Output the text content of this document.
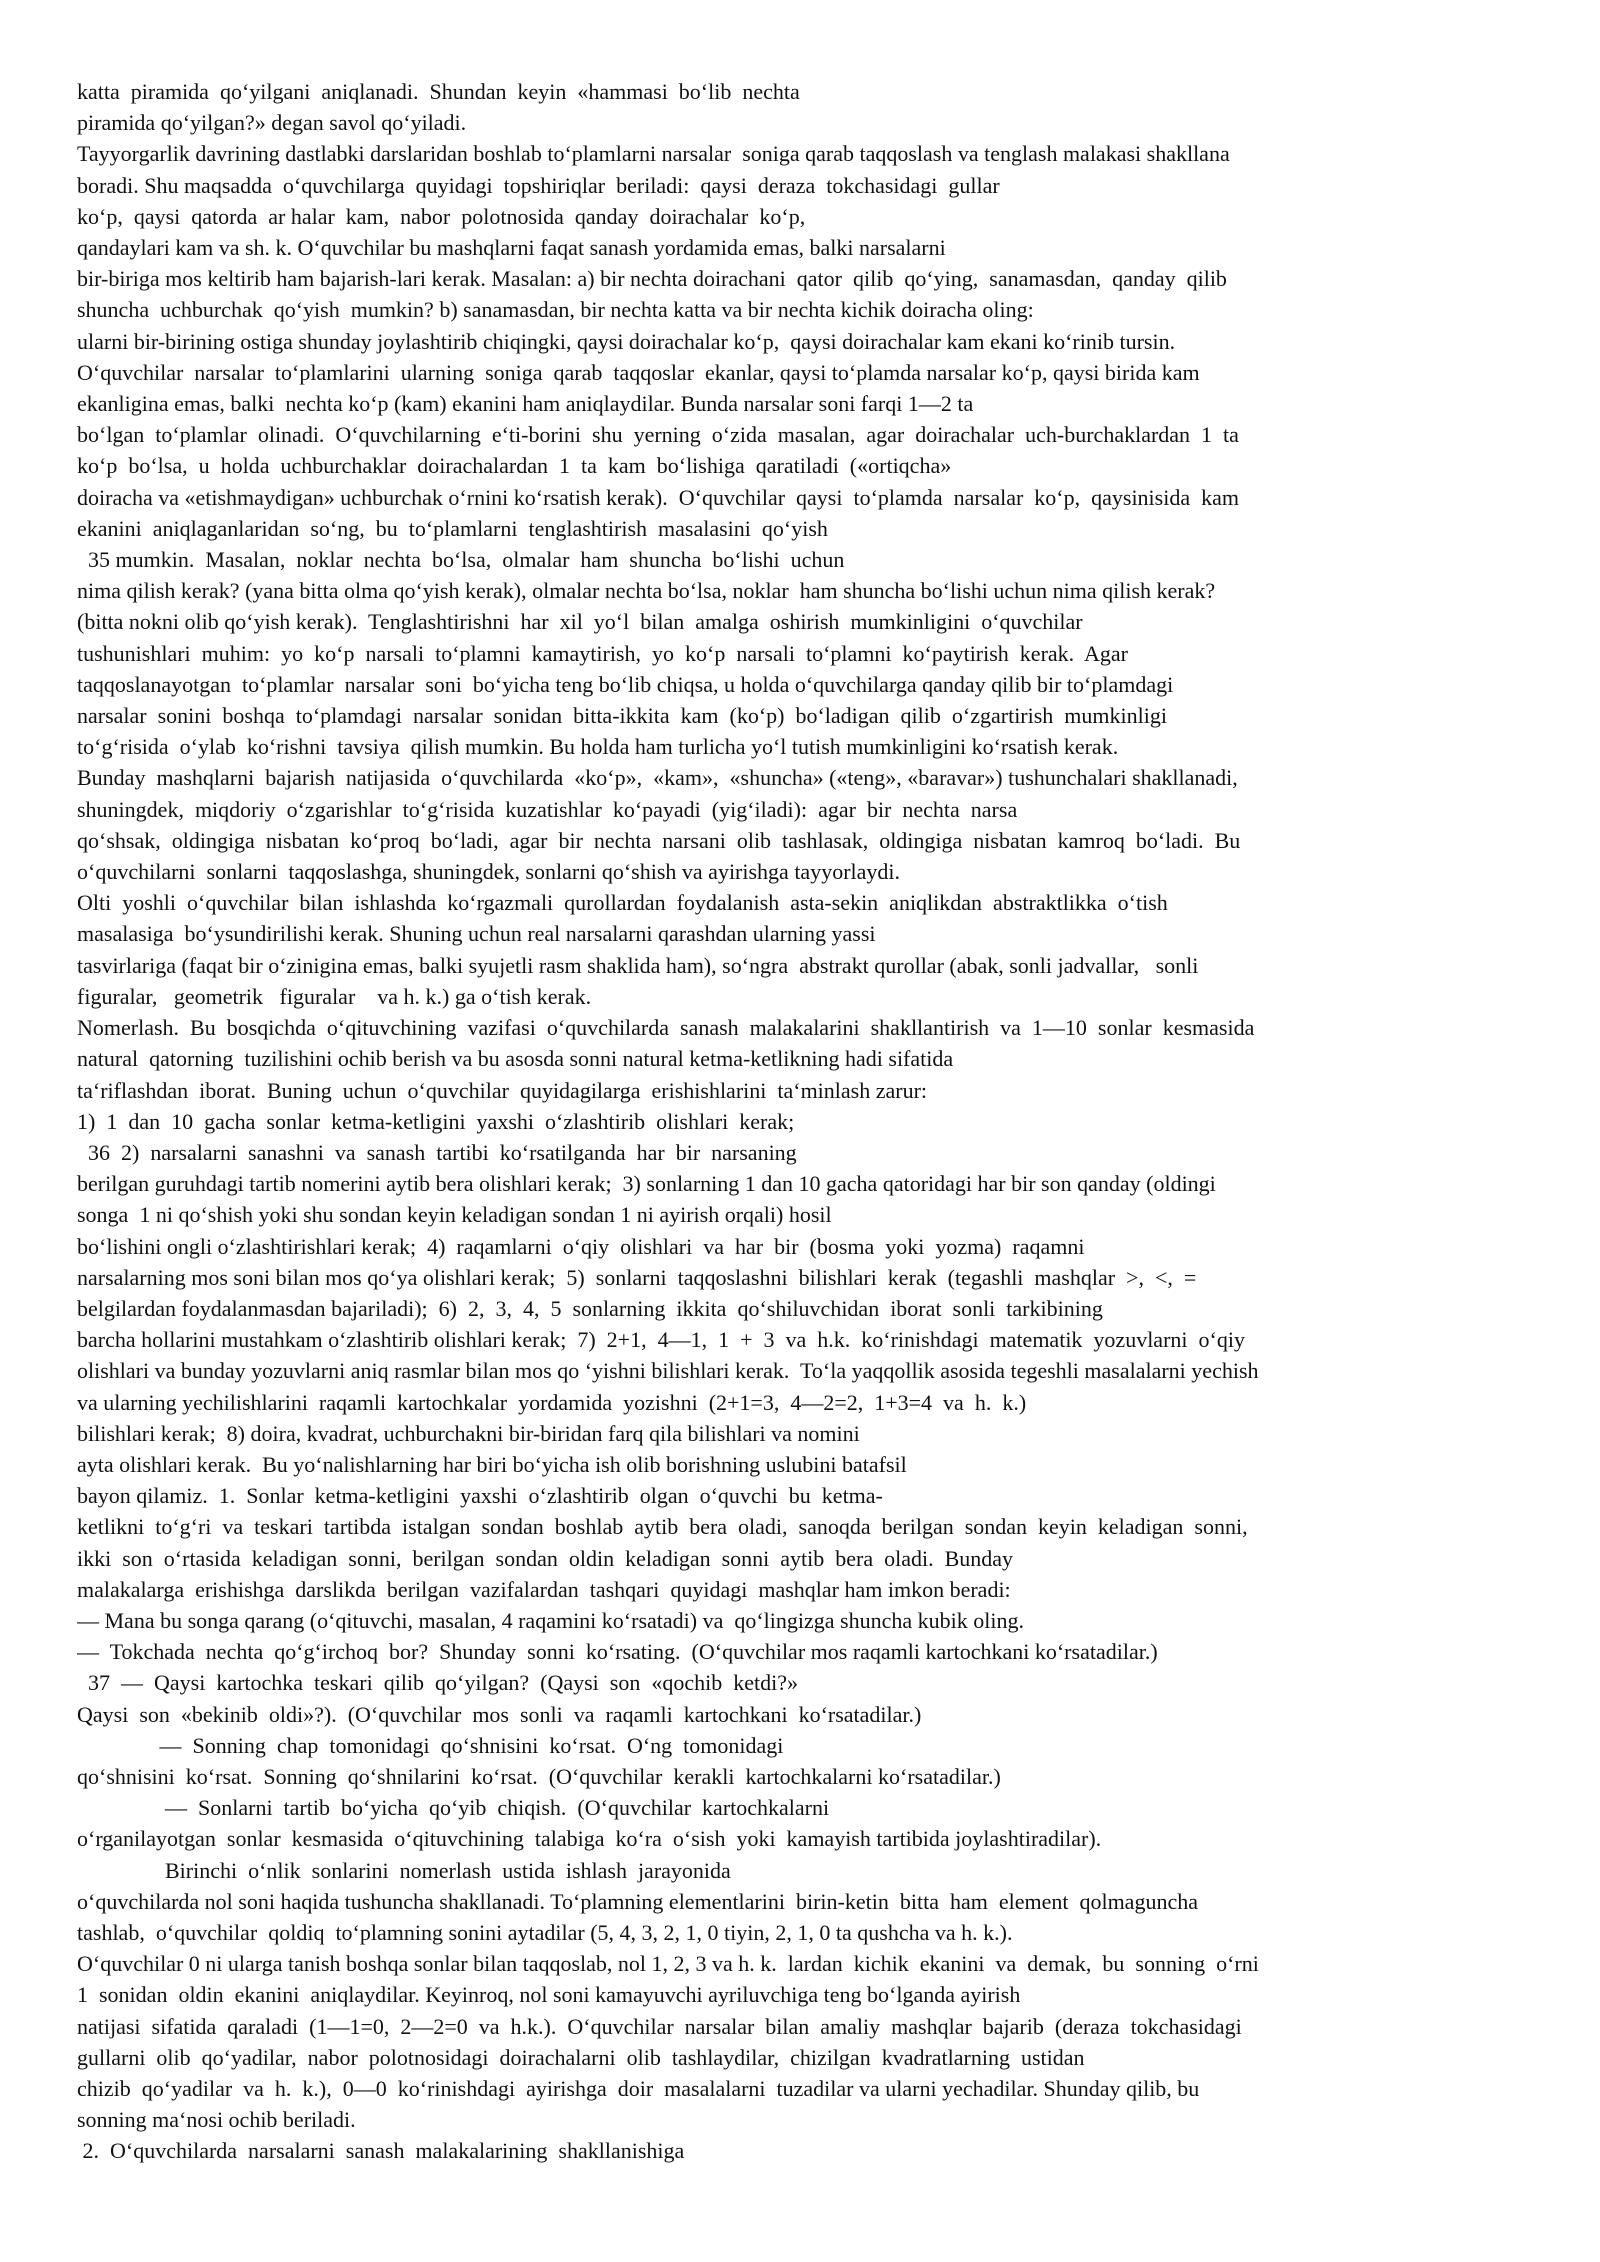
katta  piramida  qo‘yilgani  aniqlanadi.  Shundan  keyin  «hammasi  bo‘lib  nechta
piramida qo‘yilgan?» degan savol qo‘yiladi.
Tayyorgarlik davrining dastlabki darslaridan boshlab to‘plamlarni narsalar  soniga qarab taqqoslash va tenglash malakasi shakllana
boradi. Shu maqsadda  o‘quvchilarga  quyidagi  topshiriqlar  beriladi:  qaysi  deraza  tokchasidagi  gullar
ko‘p,  qaysi  qatorda  ar halar  kam,  nabor  polotnosida  qanday  doirachalar  ko‘p,
qandaylari kam va sh. k. O‘quvchilar bu mashqlarni faqat sanash yordamida emas, balki narsalarni
bir-biriga mos keltirib ham bajarish-lari kerak. Masalan: a) bir nechta doirachani  qator  qilib  qo‘ying,  sanamasdan,  qanday  qilib
shuncha  uchburchak  qo‘yish  mumkin? b) sanamasdan, bir nechta katta va bir nechta kichik doiracha oling:
ularni bir-birining ostiga shunday joylashtirib chiqingki, qaysi doirachalar ko‘p,  qaysi doirachalar kam ekani ko‘rinib tursin.
O‘quvchilar  narsalar  to‘plamlarini  ularning  soniga  qarab  taqqoslar  ekanlar, qaysi to‘plamda narsalar ko‘p, qaysi birida kam
ekanligina emas, balki  nechta ko‘p (kam) ekanini ham aniqlaydilar. Bunda narsalar soni farqi 1—2 ta
bo‘lgan  to‘plamlar  olinadi.  O‘quvchilarning  e‘ti-borini  shu  yerning  o‘zida  masalan,  agar  doirachalar  uch-burchaklardan  1  ta
ko‘p  bo‘lsa,  u  holda  uchburchaklar  doirachalardan  1  ta  kam  bo‘lishiga  qaratiladi  («ortiqcha»
doiracha va «etishmaydigan» uchburchak o‘rnini ko‘rsatish kerak).  O‘quvchilar  qaysi  to‘plamda  narsalar  ko‘p,  qaysinisida  kam
ekanini  aniqlaganlaridan  so‘ng,  bu  to‘plamlarni  tenglashtirish  masalasini  qo‘yish
35 mumkin.  Masalan,  noklar  nechta  bo‘lsa,  olmalar  ham  shuncha  bo‘lishi  uchun
nima qilish kerak? (yana bitta olma qo‘yish kerak), olmalar nechta bo‘lsa, noklar  ham shuncha bo‘lishi uchun nima qilish kerak?
(bitta nokni olib qo‘yish kerak).  Tenglashtirishni  har  xil  yo‘l  bilan  amalga  oshirish  mumkinligini  o‘quvchilar
tushunishlari  muhim:  yo  ko‘p  narsali  to‘plamni  kamaytirish,  yo  ko‘p  narsali  to‘plamni  ko‘paytirish  kerak.  Agar
taqqoslanayotgan  to‘plamlar  narsalar  soni  bo‘yicha teng bo‘lib chiqsa, u holda o‘quvchilarga qanday qilib bir to‘plamdagi
narsalar  sonini  boshqa  to‘plamdagi  narsalar  sonidan  bitta-ikkita  kam  (ko‘p)  bo‘ladigan  qilib  o‘zgartirish  mumkinligi
to‘g‘risida  o‘ylab  ko‘rishni  tavsiya  qilish mumkin. Bu holda ham turlicha yo‘l tutish mumkinligini ko‘rsatish kerak.
Bunday  mashqlarni  bajarish  natijasida  o‘quvchilarda  «ko‘p»,  «kam»,  «shuncha» («teng», «baravar») tushunchalari shakllanadi,
shuningdek,  miqdoriy  o‘zgarishlar  to‘g‘risida  kuzatishlar  ko‘payadi  (yig‘iladi):  agar  bir  nechta  narsa
qo‘shsak,  oldingiga  nisbatan  ko‘proq  bo‘ladi,  agar  bir  nechta  narsani  olib  tashlasak,  oldingiga  nisbatan  kamroq  bo‘ladi.  Bu
o‘quvchilarni  sonlarni  taqqoslashga, shuningdek, sonlarni qo‘shish va ayirishga tayyorlaydi.
Olti  yoshli  o‘quvchilar  bilan  ishlashda  ko‘rgazmali  qurollardan  foydalanish  asta-sekin  aniqlikdan  abstraktlikka  o‘tish
masalasiga  bo‘ysundirilishi kerak. Shuning uchun real narsalarni qarashdan ularning yassi
tasvirlariga (faqat bir o‘zinigina emas, balki syujetli rasm shaklida ham), so‘ngra  abstrakt qurollar (abak, sonli jadvallar,   sonli
figuralar,   geometrik   figuralar    va h. k.) ga o‘tish kerak.
Nomerlash.  Bu  bosqichda  o‘qituvchining  vazifasi  o‘quvchilarda  sanash  malakalarini  shakllantirish  va  1—10  sonlar  kesmasida
natural  qatorning  tuzilishini ochib berish va bu asosda sonni natural ketma-ketlikning hadi sifatida
ta‘riflashdan  iborat.  Buning  uchun  o‘quvchilar  quyidagilarga  erishishlarini  ta‘minlash zarur:
1)  1  dan  10  gacha  sonlar  ketma-ketligini  yaxshi  o‘zlashtirib  olishlari  kerak;
36  2)  narsalarni  sanashni  va  sanash  tartibi  ko‘rsatilganda  har  bir  narsaning
berilgan guruhdagi tartib nomerini aytib bera olishlari kerak;  3) sonlarning 1 dan 10 gacha qatoridagi har bir son qanday (oldingi
songa  1 ni qo‘shish yoki shu sondan keyin keladigan sondan 1 ni ayirish orqali) hosil
bo‘lishini ongli o‘zlashtirishlari kerak;  4)  raqamlarni  o‘qiy  olishlari  va  har  bir  (bosma  yoki  yozma)  raqamni
narsalarning mos soni bilan mos qo‘ya olishlari kerak;  5)  sonlarni  taqqoslashni  bilishlari  kerak  (tegashli  mashqlar  >,  <,  =
belgilardan foydalanmasdan bajariladi);  6)  2,  3,  4,  5  sonlarning  ikkita  qo‘shiluvchidan  iborat  sonli  tarkibining
barcha hollarini mustahkam o‘zlashtirib olishlari kerak;  7)  2+1,  4—1,  1  +  3  va  h.k.  ko‘rinishdagi  matematik  yozuvlarni  o‘qiy
olishlari va bunday yozuvlarni aniq rasmlar bilan mos qo ‘yishni bilishlari kerak.  To‘la yaqqollik asosida tegeshli masalalarni yechish
va ularning yechilishlarini  raqamli  kartochkalar  yordamida  yozishni  (2+1=3,  4—2=2,  1+3=4  va  h.  k.)
bilishlari kerak;  8) doira, kvadrat, uchburchakni bir-biridan farq qila bilishlari va nomini
ayta olishlari kerak.  Bu yo‘nalishlarning har biri bo‘yicha ish olib borishning uslubini batafsil
bayon qilamiz.  1.  Sonlar  ketma-ketligini  yaxshi  o‘zlashtirib  olgan  o‘quvchi  bu  ketma-
ketlikni  to‘g‘ri  va  teskari  tartibda  istalgan  sondan  boshlab  aytib  bera  oladi,  sanoqda  berilgan  sondan  keyin  keladigan  sonni,
ikki  son  o‘rtasida  keladigan  sonni,  berilgan  sondan  oldin  keladigan  sonni  aytib  bera  oladi.  Bunday
malakalarga  erishishga  darslikda  berilgan  vazifalardan  tashqari  quyidagi  mashqlar ham imkon beradi:
— Mana bu songa qarang (o‘qituvchi, masalan, 4 raqamini ko‘rsatadi) va  qo‘lingizga shuncha kubik oling.
—  Tokchada  nechta  qo‘g‘irchoq  bor?  Shunday  sonni  ko‘rsating.  (O‘quvchilar mos raqamli kartochkani ko‘rsatadilar.)
37  —  Qaysi  kartochka  teskari  qilib  qo‘yilgan?  (Qaysi  son  «qochib  ketdi?»
Qaysi  son  «bekinib  oldi»?).  (O‘quvchilar  mos  sonli  va  raqamli  kartochkani  ko‘rsatadilar.)
—  Sonning  chap  tomonidagi  qo‘shnisini  ko‘rsat.  O‘ng  tomonidagi
qo‘shnisini  ko‘rsat.  Sonning  qo‘shnilarini  ko‘rsat.  (O‘quvchilar  kerakli  kartochkalarni ko‘rsatadilar.)
—  Sonlarni  tartib  bo‘yicha  qo‘yib  chiqish.  (O‘quvchilar  kartochkalarni
o‘rganilayotgan  sonlar  kesmasida  o‘qituvchining  talabiga  ko‘ra  o‘sish  yoki  kamayish tartibida joylashtiradilar).
Birinchi  o‘nlik  sonlarini  nomerlash  ustida  ishlash  jarayonida
o‘quvchilarda nol soni haqida tushuncha shakllanadi. To‘plamning elementlarini  birin-ketin  bitta  ham  element  qolmaguncha
tashlab,  o‘quvchilar  qoldiq  to‘plamning sonini aytadilar (5, 4, 3, 2, 1, 0 tiyin, 2, 1, 0 ta qushcha va h. k.).
O‘quvchilar 0 ni ularga tanish boshqa sonlar bilan taqqoslab, nol 1, 2, 3 va h. k.  lardan  kichik  ekanini  va  demak,  bu  sonning  o‘rni
1  sonidan  oldin  ekanini  aniqlaydilar. Keyinroq, nol soni kamayuvchi ayriluvchiga teng bo‘lganda ayirish
natijasi  sifatida  qaraladi  (1—1=0,  2—2=0  va  h.k.).  O‘quvchilar  narsalar  bilan  amaliy  mashqlar  bajarib  (deraza  tokchasidagi
gullarni  olib  qo‘yadilar,  nabor  polotnosidagi  doirachalarni  olib  tashlaydilar,  chizilgan  kvadratlarning  ustidan
chizib  qo‘yadilar  va  h.  k.),  0—0  ko‘rinishdagi  ayirishga  doir  masalalarni  tuzadilar va ularni yechadilar. Shunday qilib, bu
sonning ma‘nosi ochib beriladi.
2.  O‘quvchilarda  narsalarni  sanash  malakalarining  shakllanishiga
